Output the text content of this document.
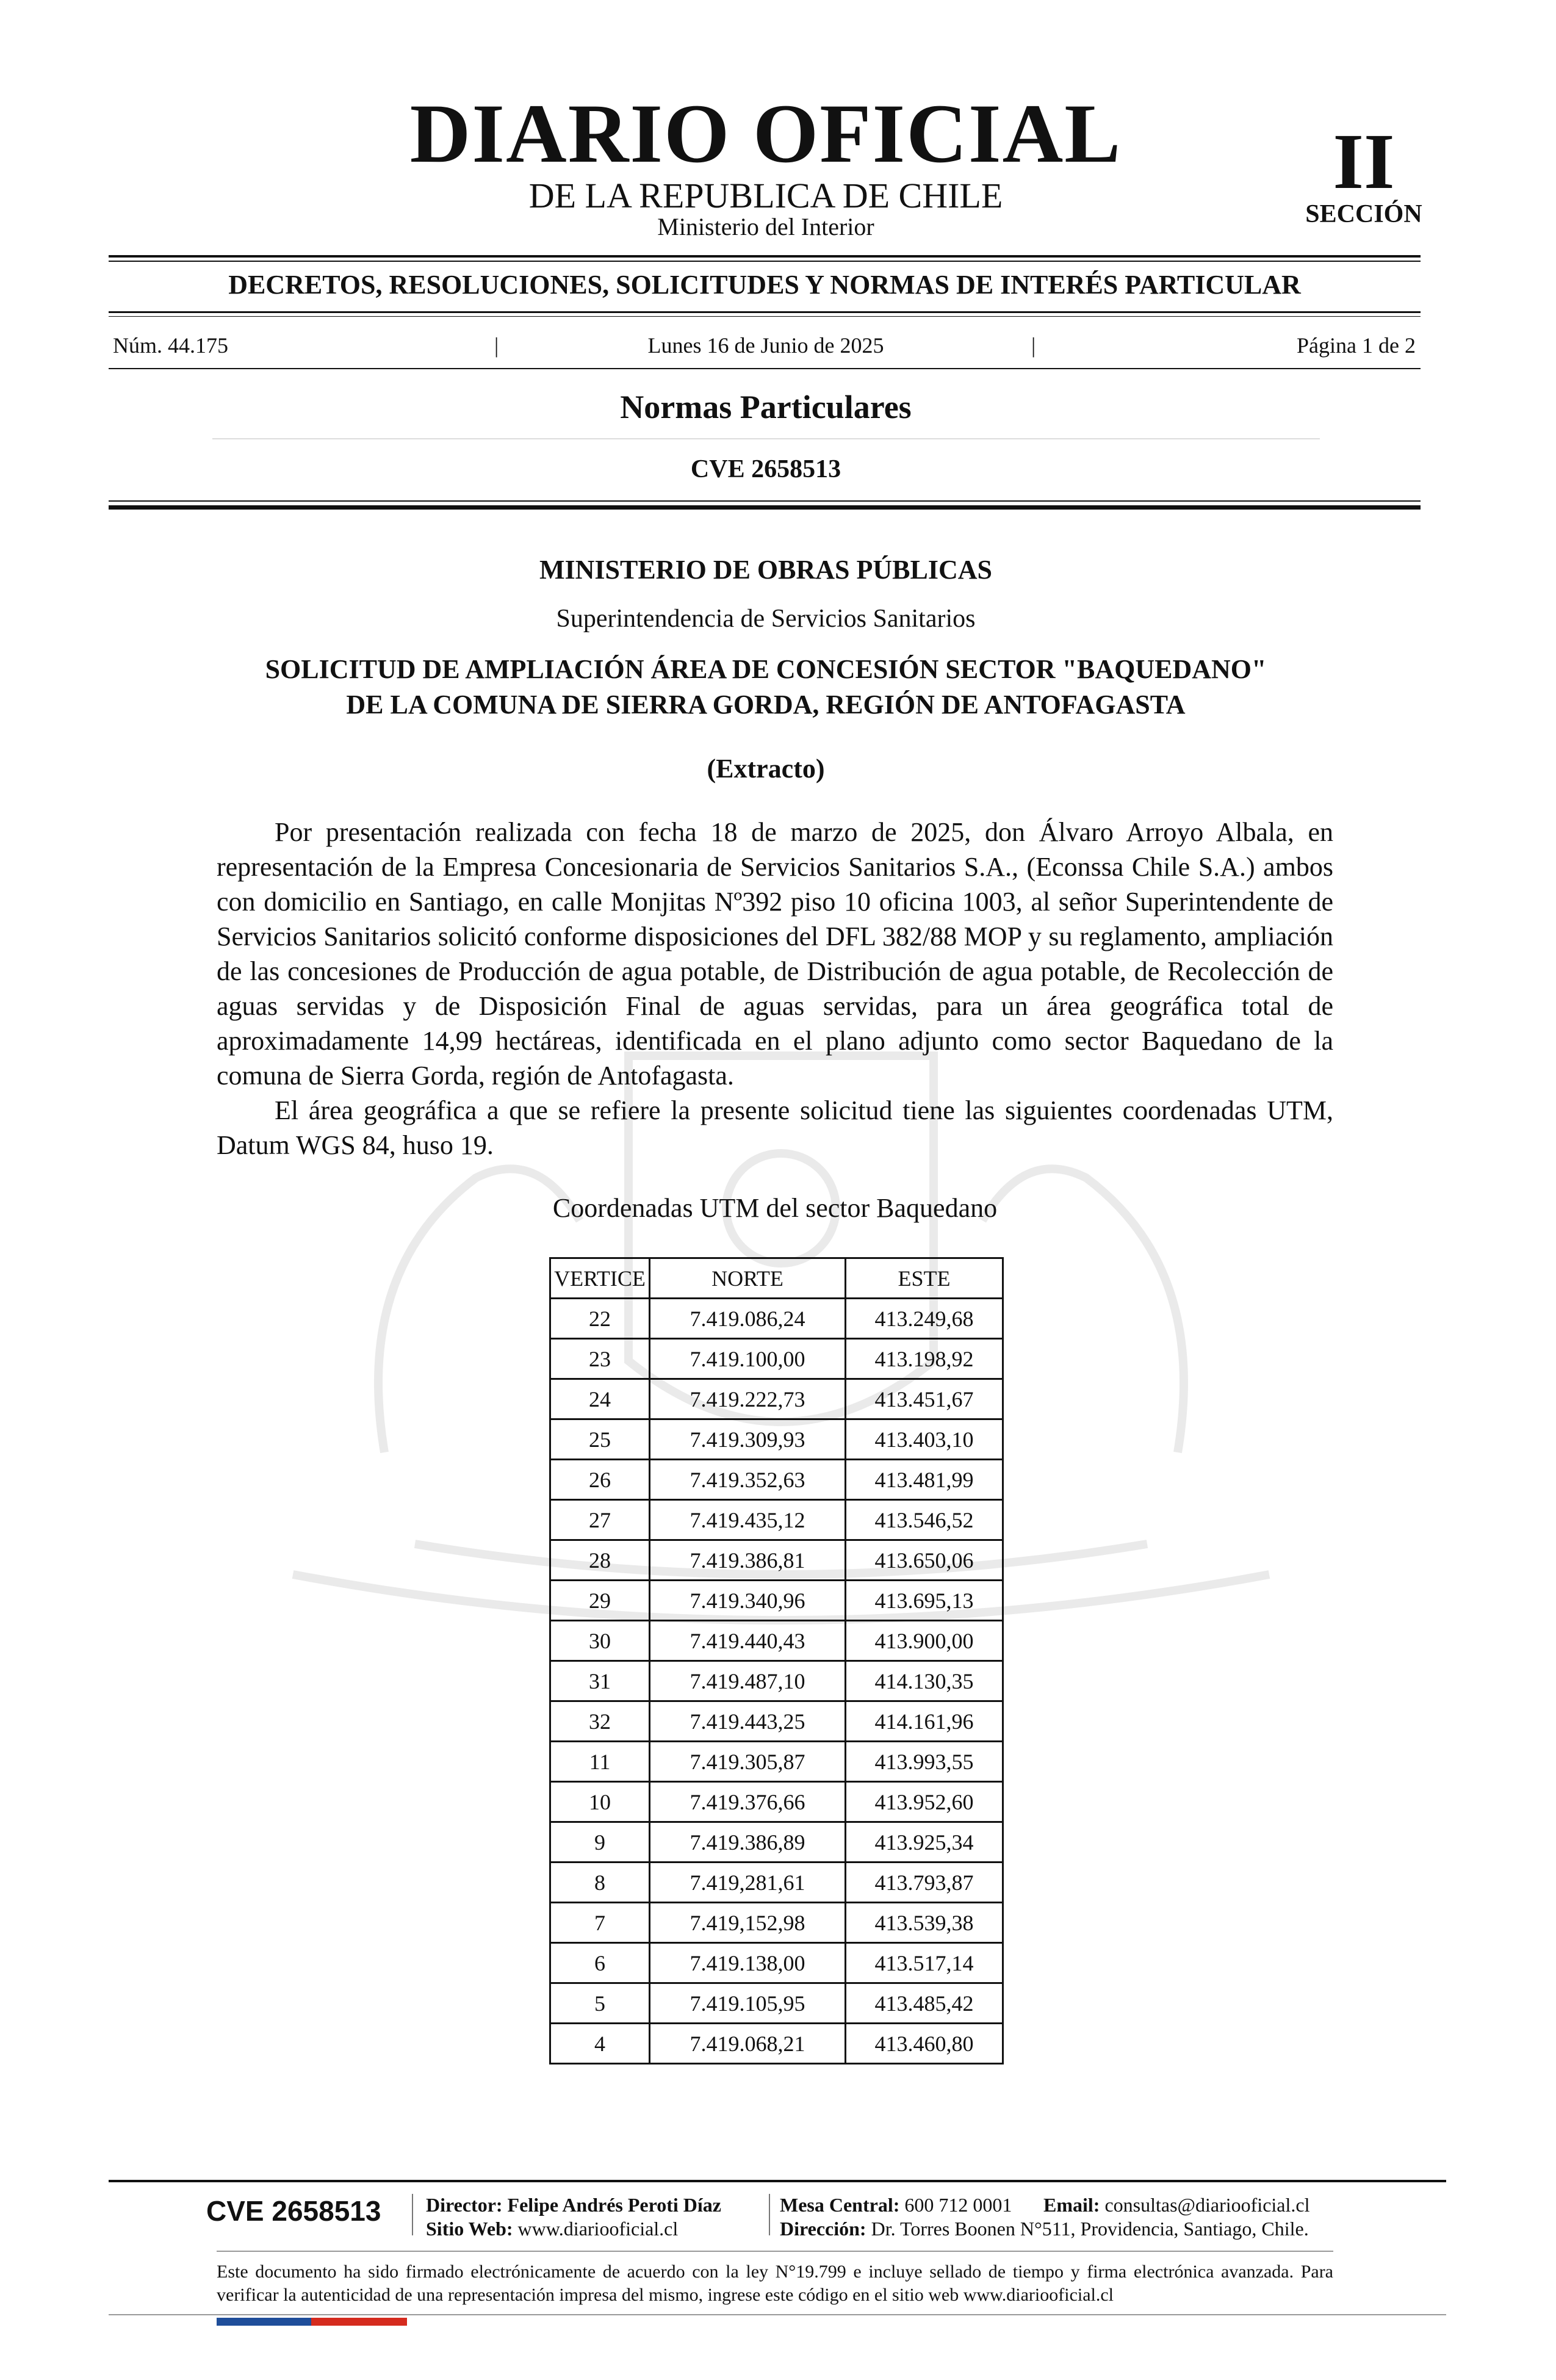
DIARIO OFICIAL
DE LA REPUBLICA DE CHILE
Ministerio del Interior
II
SECCIÓN
DECRETOS, RESOLUCIONES, SOLICITUDES Y NORMAS DE INTERÉS PARTICULAR
Núm. 44.175	|	Lunes 16 de Junio de 2025	|	Página 1 de 2
Normas Particulares
CVE 2658513
MINISTERIO DE OBRAS PÚBLICAS
Superintendencia de Servicios Sanitarios
SOLICITUD DE AMPLIACIÓN ÁREA DE CONCESIÓN SECTOR "BAQUEDANO"
DE LA COMUNA DE SIERRA GORDA, REGIÓN DE ANTOFAGASTA
(Extracto)

Por presentación realizada con fecha 18 de marzo de 2025, don Álvaro Arroyo Albala, en representación de la Empresa Concesionaria de Servicios Sanitarios S.A., (Econssa Chile S.A.) ambos con domicilio en Santiago, en calle Monjitas Nº392 piso 10 oficina 1003, al señor Superintendente de Servicios Sanitarios solicitó conforme disposiciones del DFL 382/88 MOP y su reglamento, ampliación de las concesiones de Producción de agua potable, de Distribución de agua potable, de Recolección de aguas servidas y de Disposición Final de aguas servidas, para un área geográfica total de aproximadamente 14,99 hectáreas, identificada en el plano adjunto como sector Baquedano de la comuna de Sierra Gorda, región de Antofagasta.

El área geográfica a que se refiere la presente solicitud tiene las siguientes coordenadas UTM, Datum WGS 84, huso 19.

Coordenadas UTM del sector Baquedano
VERTICE	NORTE	ESTE
22	7.419.086,24	413.249,68
23	7.419.100,00	413.198,92
24	7.419.222,73	413.451,67
25	7.419.309,93	413.403,10
26	7.419.352,63	413.481,99
27	7.419.435,12	413.546,52
28	7.419.386,81	413.650,06
29	7.419.340,96	413.695,13
30	7.419.440,43	413.900,00
31	7.419.487,10	414.130,35
32	7.419.443,25	414.161,96
11	7.419.305,87	413.993,55
10	7.419.376,66	413.952,60
9	7.419.386,89	413.925,34
8	7.419,281,61	413.793,87
7	7.419,152,98	413.539,38
6	7.419.138,00	413.517,14
5	7.419.105,95	413.485,42
4	7.419.068,21	413.460,80
CVE 2658513 Director: Felipe Andrés Peroti Díaz
Sitio Web: www.diariooficial.cl
Mesa Central: 600 712 0001 Email: consultas@diariooficial.cl
Dirección: Dr. Torres Boonen N°511, Providencia, Santiago, Chile.
Este documento ha sido firmado electrónicamente de acuerdo con la ley N°19.799 e incluye sellado de tiempo y firma electrónica avanzada. Para verificar la autenticidad de una representación impresa del mismo, ingrese este código en el sitio web www.diariooficial.cl
